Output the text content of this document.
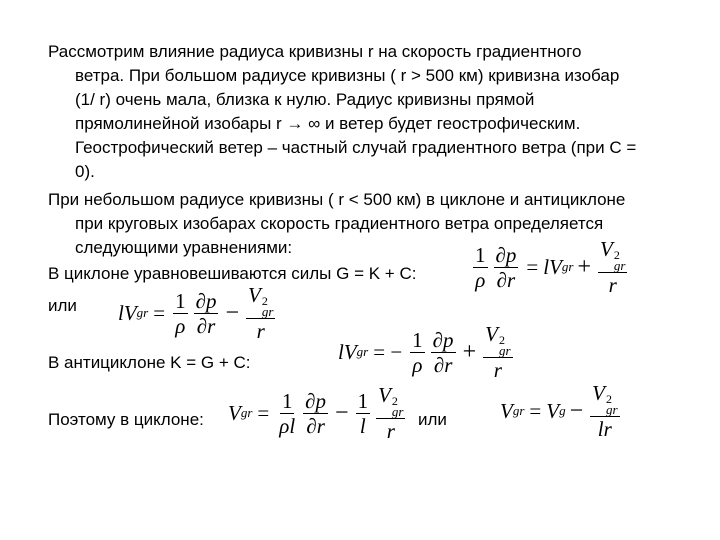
Рассмотрим влияние радиуса кривизны r на скорость градиентного
ветра. При большом радиусе кривизны ( r > 500 км) кривизна изобар
(1/ r) очень мала, близка к нулю. Радиус кривизны прямой
прямолинейной изобары r → ∞ и ветер будет геострофическим.
Геострофический ветер – частный случай градиентного ветра (при C =
0).
При небольшом радиусе кривизны ( r < 500 км) в циклоне и антициклоне
при круговых изобарах скорость градиентного ветра определяется
следующими уравнениями:	$\frac{1}{\rho} \frac{\partial p}{\partial r}$ = lV gr + V 2
gr
r
В циклоне уравновешиваются силы G = K + C:
или lV gr = $\frac{1}{\rho} \frac{\partial p}{\partial r} - V$ 2
gr
r
lV gr = − $\frac{1}{\rho} \frac{\partial p}{\partial r} + V$ 2
gr
r
В антициклоне K = G + C:
Поэтому в циклоне: V gr = $\frac{1}{\rho l} \frac{\partial p}{\partial r} - \frac{1}{l}$ V 2
gr
r или	V gr = V g − V 2
gr
lr
